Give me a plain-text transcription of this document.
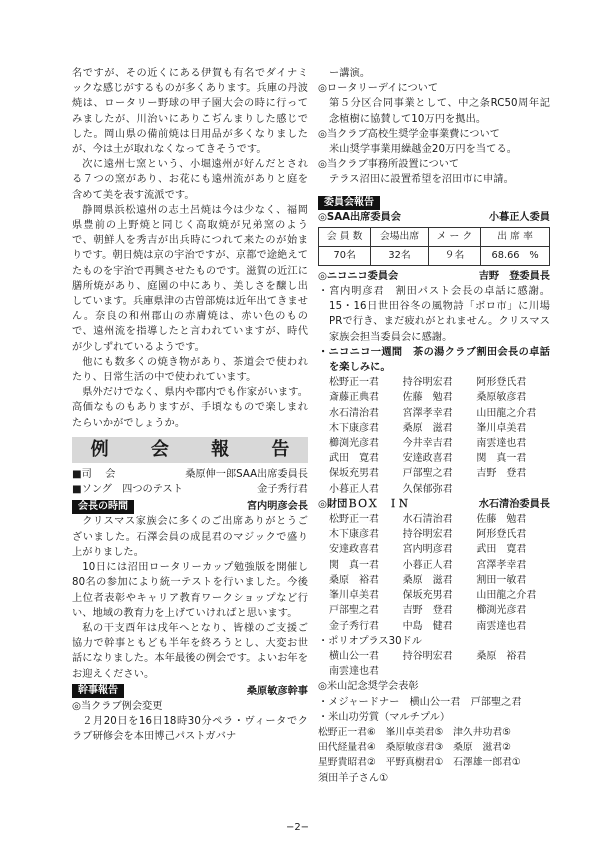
名ですが、その近くにある伊賀も有名でダイナミックな感じがするものが多くあります。兵庫の丹波焼は、ロータリー野球の甲子園大会の時に行ってみましたが、川治いにありこぢんまりした感じでした。岡山県の備前焼は日用品が多くなりましたが、今は土が取れなくなってきそうです。

次に遠州七窯という、小堀遠州が好んだとされる７つの窯があり、お花にも遠州流がありと庭を含めて美を表す流派です。

静岡県浜松遠州の志土呂焼は今は少なく、福岡県豊前の上野焼と同じく高取焼が兄弟窯のようで、朝鮮人を秀吉が出兵時につれて来たのが始まりです。朝日焼は京の宇治ですが、京都で途絶えてたものを宇治で再興させたものです。滋賀の近江に膳所焼があり、庭園の中にあり、美しさを醸し出しています。兵庫県津の古曽部焼は近年出てきません。奈良の和州郡山の赤膚焼は、赤い色のもので、遠州流を指導したと言われていますが、時代が少しずれているようです。

他にも数多くの焼き物があり、茶道会で使われたり、日常生活の中で使われています。

県外だけでなく、県内や郡内でも作家がいます。高価なものもありますが、手頃なもので楽しまれたらいかがでしょうか。

例 会 報 告
■司　 会	桑原伸一郎SAA出席委員長
■ソング　四つのテスト	金子秀行君
会長の時間	宮内明彦会長

クリスマス家族会に多くのご出席ありがとうございました。石澤会員の成昆君のマジックで盛り上がりました。

10日には沼田ロータリーカップ勉強版を開催し80名の参加により統一テストを行いました。今後上位者表彰やキャリア教育ワークショップなど行い、地域の教育力を上げていければと思います。

私の干支酉年は戌年へとなり、皆様のご支援ご協力で幹事ともども半年を終ろうとし、大変お世話になりました。本年最後の例会です。よいお年をお迎えください。

幹事報告	桑原敏彦幹事

◎当クラブ例会変更

２月20日を16日18時30分ペラ・ヴィータでクラブ研修会を本田博己パストガバナ

ー講演。

◎ロータリーデイについて

第５分区合同事業として、中之条RC50周年記念植樹に協賛して10万円を拠出。

◎当クラブ高校生奨学金事業費について

米山奨学事業用繰越金20万円を当てる。

◎当クラブ事務所設置について

テラス沼田に設置希望を沼田市に申請。

委員会報告
◎SAA出席委員会	小暮正人委員
会 員 数	会場出席	メ ー ク	出 席 率
70名	32名	９名	68.66　%
◎ニコニコ委員会	吉野　登委員長

・宮内明彦君　割田パスト会長の卓話に感謝。15・16日世田谷冬の風物詩「ボロ市」に川場PRで行き、まだ疲れがとれません。クリスマス家族会担当委員会に感謝。

・ニコニコ一週間　茶の湯クラブ割田会長の卓話を楽しみに。

松野正一君	持谷明宏君	阿形登氏君
斎藤正典君	佐藤　勉君	桑原敏彦君
水石清治君	宮澤孝幸君	山田龍之介君
木下康彦君	桑原　滋君	峯川卓美君
櫛渕光彦君	今井幸吉君	南雲達也君
武田　寛君	安達政喜君	関　真一君
保坂充男君	戸部聖之君	吉野　登君
小暮正人君	久保郁弥君
◎財団ＢＯＸ　ＩＮ	水石清治委員長
松野正一君	水石清治君	佐藤　勉君
木下康彦君	持谷明宏君	阿形登氏君
安達政喜君	宮内明彦君	武田　寛君
関　真一君	小暮正人君	宮澤孝幸君
桑原　裕君	桑原　滋君	割田一敏君
峯川卓美君	保坂充男君	山田龍之介君
戸部聖之君	吉野　登君	櫛渕光彦君
金子秀行君	中島　健君	南雲達也君

・ポリオプラス30ドル

横山公一君	持谷明宏君	桑原　裕君
南雲達也君

◎米山記念奨学会表彰

・メジャードナー　横山公一君　戸部聖之君

・米山功労賞（マルチプル）

松野正一君⑥　峯川卓美君⑤　津久井功君⑤

田代経量君④　桑原敏彦君③　桑原　滋君②

星野貴昭君②　平野真樹君①　石澤雄一郎君①

須田羊子さん①

−2−
